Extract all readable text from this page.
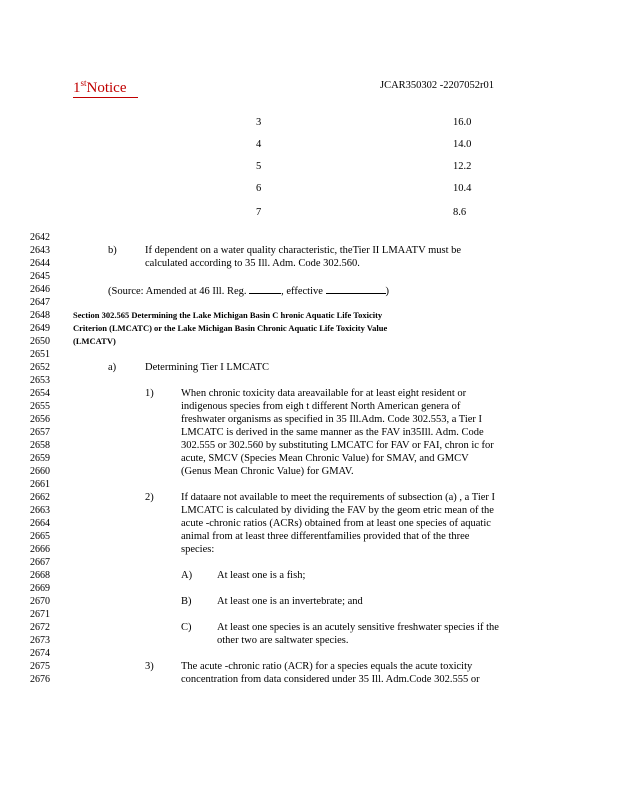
1stNotice	JCAR350302 -2207052r01
3	16.0
4	14.0
5	12.2
6	10.4
7	8.6
2642
2643
2644
2645
2646
2647
2648
2649
2650
2651
2652
2653
2654
2655
2656
2657
2658
2659
2660
2661
2662
2663
2664
2665
2666
2667
2668
2669
2670
2671
2672
2673
2674
2675
2676
b)	If dependent on a water quality characteristic, theTier II LMAATV must be
calculated according to 35 Ill. Adm. Code 302.560.
(Source: Amended at 46 Ill. Reg.	, effective	)
Section 302.565 Determining the Lake Michigan Basin C hronic Aquatic Life Toxicity
Criterion (LMCATC) or the Lake Michigan Basin Chronic Aquatic Life Toxicity Value
(LMCATV)
a)	Determining Tier I LMCATC
1)	When chronic toxicity data areavailable for at least eight resident or
indigenous species from eigh t different North American genera of
freshwater organisms as specified in 35 Ill.Adm. Code 302.553, a Tier I
LMCATC is derived in the same manner as the FAV in35Ill. Adm. Code
302.555 or 302.560 by substituting LMCATC for FAV or FAI, chron ic for
acute, SMCV (Species Mean Chronic Value) for SMAV, and GMCV
(Genus Mean Chronic Value) for GMAV.
2)	If dataare not available to meet the requirements of subsection (a) , a Tier I
LMCATC is calculated by dividing the FAV by the geom etric mean of the
acute -chronic ratios (ACRs) obtained from at least one species of aquatic
animal from at least three differentfamilies provided that of the three
species:
A) At least one is a fish;
B) At least one is an invertebrate; and
C) At least one species is an acutely sensitive freshwater species if the
other two are saltwater species.
3)	The acute -chronic ratio (ACR) for a species equals the acute toxicity
concentration from data considered under 35 Ill. Adm.Code 302.555 or
